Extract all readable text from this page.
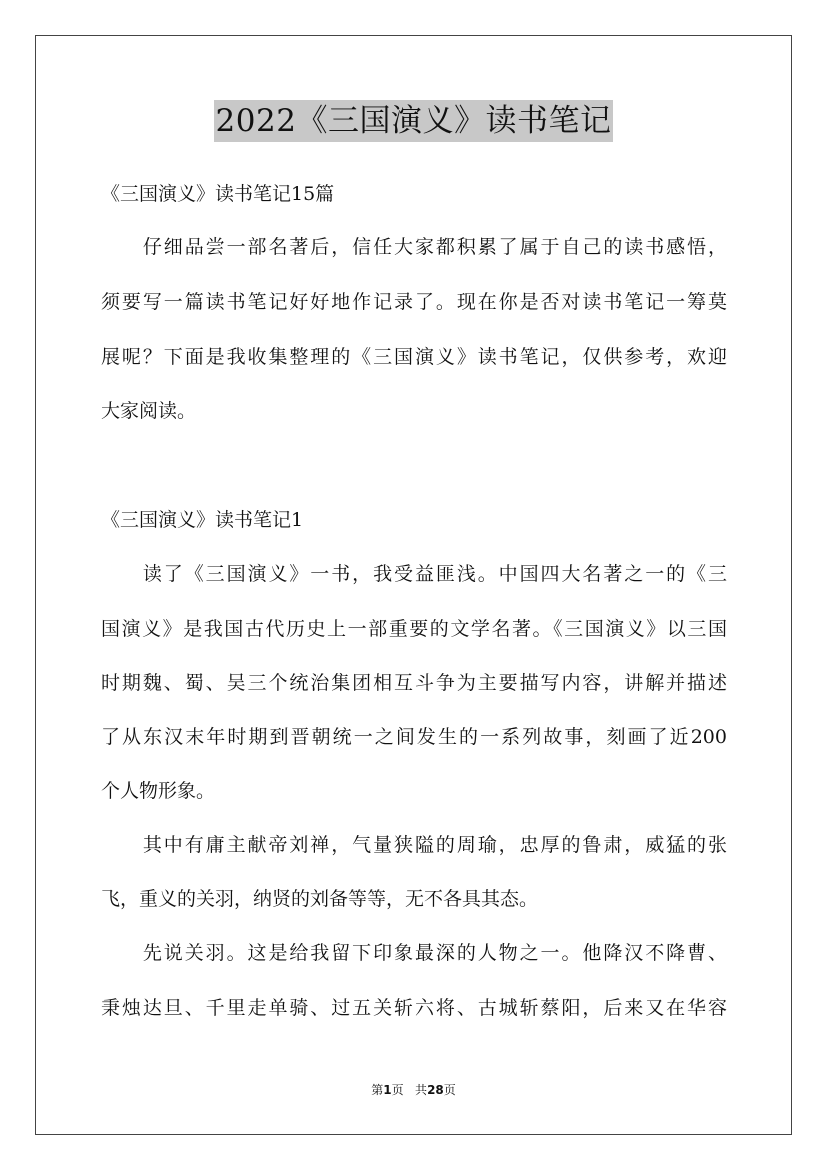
2022《三国演义》读书笔记
《三国演义》读书笔记15篇
　　仔细品尝一部名著后，信任大家都积累了属于自己的读书感悟，
须要写一篇读书笔记好好地作记录了。现在你是否对读书笔记一筹莫
展呢？下面是我收集整理的《三国演义》读书笔记，仅供参考，欢迎
大家阅读。
《三国演义》读书笔记1
　　读了《三国演义》一书，我受益匪浅。中国四大名著之一的《三
国演义》是我国古代历史上一部重要的文学名著。《三国演义》以三国
时期魏、蜀、吴三个统治集团相互斗争为主要描写内容，讲解并描述
了从东汉末年时期到晋朝统一之间发生的一系列故事，刻画了近200
个人物形象。
　　其中有庸主献帝刘禅，气量狭隘的周瑜，忠厚的鲁肃，威猛的张
飞，重义的关羽，纳贤的刘备等等，无不各具其态。
　　先说关羽。这是给我留下印象最深的人物之一。他降汉不降曹、
秉烛达旦、千里走单骑、过五关斩六将、古城斩蔡阳，后来又在华容
第1页 共28页
